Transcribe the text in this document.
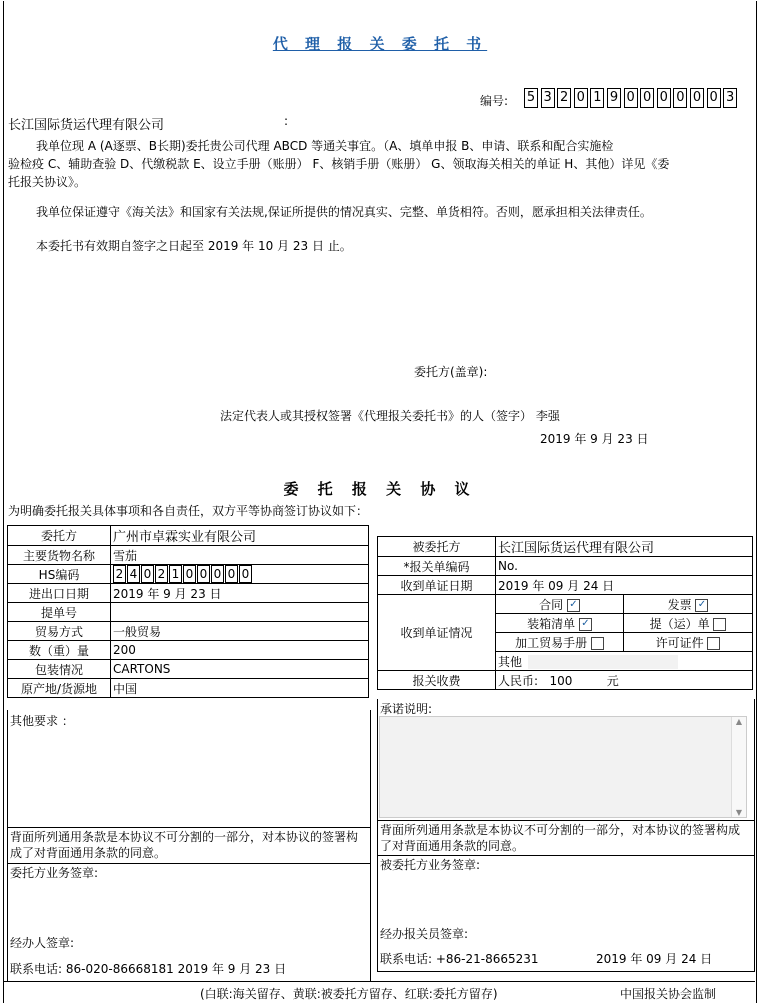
代 理 报 关 委 托 书
编号: 5 3 2 0 1 9 0 0 0 0 0 0 3
长江国际货运代理有限公司	:
我单位现 A (A逐票、B长期)委托贵公司代理 ABCD 等通关事宜。（A、填单申报 B、申请、联系和配合实施检
验检疫 C、辅助查验 D、代缴税款 E、设立手册（账册） F、核销手册（账册） G、领取海关相关的单证 H、其他）详见《委
托报关协议》。
我单位保证遵守《海关法》和国家有关法规,保证所提供的情况真实、完整、单货相符。否则，愿承担相关法律责任。
本委托书有效期自签字之日起至 2019 年 10 月 23 日 止。
委托方(盖章):
法定代表人或其授权签署《代理报关委托书》的人（签字） 李强
2019 年 9 月 23 日
委 托 报 关 协 议
为明确委托报关具体事项和各自责任，双方平等协商签订协议如下：
委托方	广州市卓霖实业有限公司
主要货物名称	雪茄
HS编码	2 4 0 2 1 0 0 0 0 0
进出口日期	2019 年 9 月 23 日
提单号	
贸易方式	一般贸易
数（重）量	200
包装情况	CARTONS
原产地/货源地	中国
其他要求 ：
背面所列通用条款是本协议不可分割的一部分，对本协议的签署构成了对背面通用条款的同意。
委托方业务签章:
经办人签章:
联系电话: 86-020-86668181 2019 年 9 月 23 日
被委托方	长江国际货运代理有限公司	
*报关单编码	No.	
收到单证日期	2019 年 09 月 24 日	
收到单证情况	合同 ✓	发票 ✓
	装箱清单 ✓	提（运）单
	加工贸易手册	许可证件
	其他	
报关收费	人民币: 100 元	
承诺说明:
▲
▼
背面所列通用条款是本协议不可分割的一部分，对本协议的签署构成了对背面通用条款的同意。
被委托方业务签章:
经办报关员签章:
联系电话: +86-21-8665231	2019 年 09 月 24 日
(白联:海关留存、黄联:被委托方留存、红联:委托方留存)	中国报关协会监制
